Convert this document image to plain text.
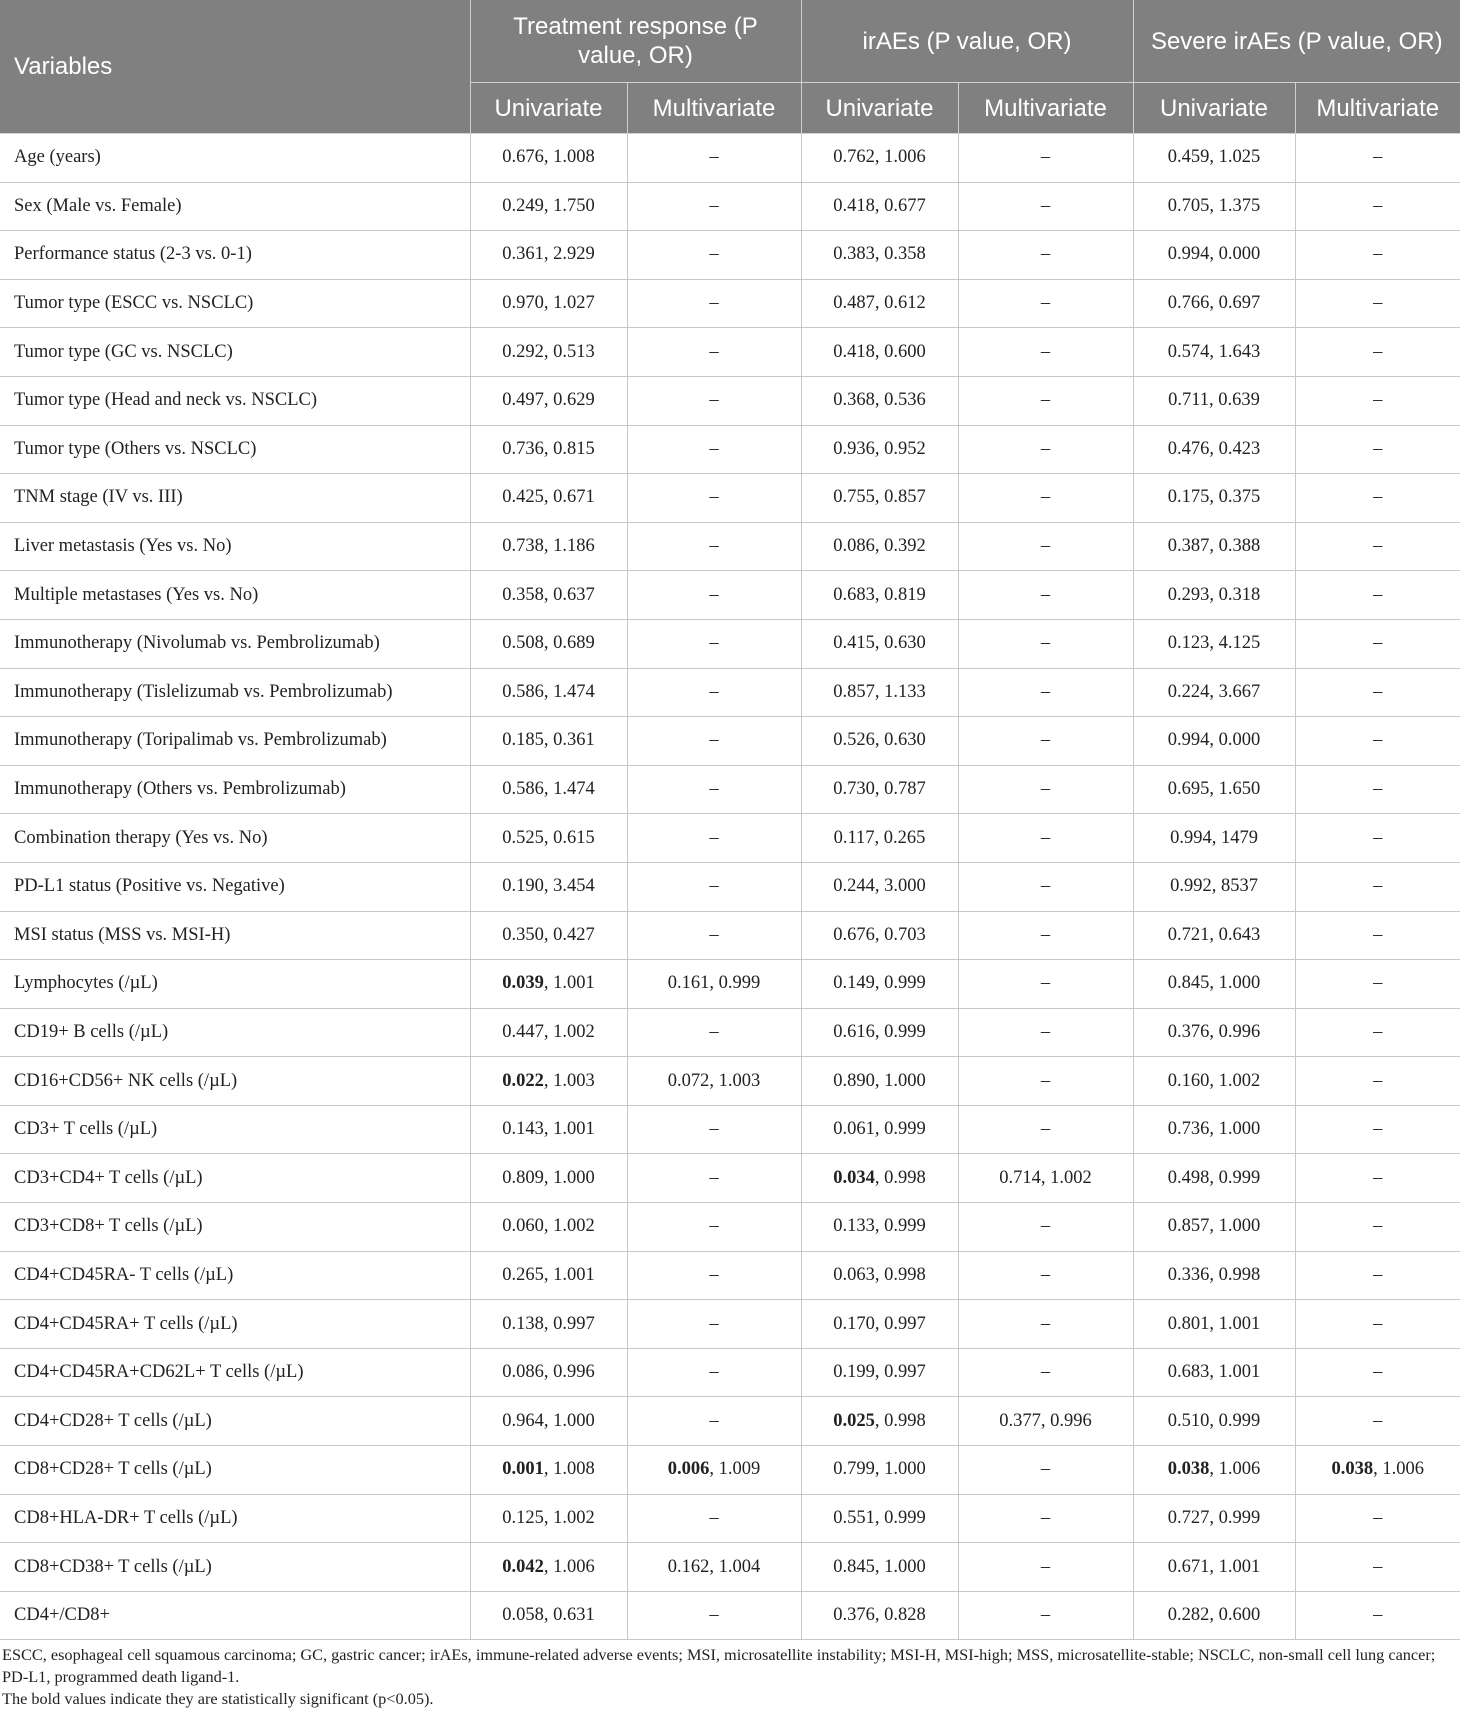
Variables	Treatment response (P value, OR)		irAEs (P value, OR)		Severe irAEs (P value, OR)	
	Univariate	Multivariate	Univariate	Multivariate	Univariate	Multivariate
Age (years)	0.676, 1.008	–	0.762, 1.006	–	0.459, 1.025	–
Sex (Male vs. Female)	0.249, 1.750	–	0.418, 0.677	–	0.705, 1.375	–
Performance status (2-3 vs. 0-1)	0.361, 2.929	–	0.383, 0.358	–	0.994, 0.000	–
Tumor type (ESCC vs. NSCLC)	0.970, 1.027	–	0.487, 0.612	–	0.766, 0.697	–
Tumor type (GC vs. NSCLC)	0.292, 0.513	–	0.418, 0.600	–	0.574, 1.643	–
Tumor type (Head and neck vs. NSCLC)	0.497, 0.629	–	0.368, 0.536	–	0.711, 0.639	–
Tumor type (Others vs. NSCLC)	0.736, 0.815	–	0.936, 0.952	–	0.476, 0.423	–
TNM stage (IV vs. III)	0.425, 0.671	–	0.755, 0.857	–	0.175, 0.375	–
Liver metastasis (Yes vs. No)	0.738, 1.186	–	0.086, 0.392	–	0.387, 0.388	–
Multiple metastases (Yes vs. No)	0.358, 0.637	–	0.683, 0.819	–	0.293, 0.318	–
Immunotherapy (Nivolumab vs. Pembrolizumab)	0.508, 0.689	–	0.415, 0.630	–	0.123, 4.125	–
Immunotherapy (Tislelizumab vs. Pembrolizumab)	0.586, 1.474	–	0.857, 1.133	–	0.224, 3.667	–
Immunotherapy (Toripalimab vs. Pembrolizumab)	0.185, 0.361	–	0.526, 0.630	–	0.994, 0.000	–
Immunotherapy (Others vs. Pembrolizumab)	0.586, 1.474	–	0.730, 0.787	–	0.695, 1.650	–
Combination therapy (Yes vs. No)	0.525, 0.615	–	0.117, 0.265	–	0.994, 1479	–
PD-L1 status (Positive vs. Negative)	0.190, 3.454	–	0.244, 3.000	–	0.992, 8537	–
MSI status (MSS vs. MSI-H)	0.350, 0.427	–	0.676, 0.703	–	0.721, 0.643	–
Lymphocytes (/µL)	0.039, 1.001	0.161, 0.999	0.149, 0.999	–	0.845, 1.000	–
CD19+ B cells (/µL)	0.447, 1.002	–	0.616, 0.999	–	0.376, 0.996	–
CD16+CD56+ NK cells (/µL)	0.022, 1.003	0.072, 1.003	0.890, 1.000	–	0.160, 1.002	–
CD3+ T cells (/µL)	0.143, 1.001	–	0.061, 0.999	–	0.736, 1.000	–
CD3+CD4+ T cells (/µL)	0.809, 1.000	–	0.034, 0.998	0.714, 1.002	0.498, 0.999	–
CD3+CD8+ T cells (/µL)	0.060, 1.002	–	0.133, 0.999	–	0.857, 1.000	–
CD4+CD45RA- T cells (/µL)	0.265, 1.001	–	0.063, 0.998	–	0.336, 0.998	–
CD4+CD45RA+ T cells (/µL)	0.138, 0.997	–	0.170, 0.997	–	0.801, 1.001	–
CD4+CD45RA+CD62L+ T cells (/µL)	0.086, 0.996	–	0.199, 0.997	–	0.683, 1.001	–
CD4+CD28+ T cells (/µL)	0.964, 1.000	–	0.025, 0.998	0.377, 0.996	0.510, 0.999	–
CD8+CD28+ T cells (/µL)	0.001, 1.008	0.006, 1.009	0.799, 1.000	–	0.038, 1.006	0.038, 1.006
CD8+HLA-DR+ T cells (/µL)	0.125, 1.002	–	0.551, 0.999	–	0.727, 0.999	–
CD8+CD38+ T cells (/µL)	0.042, 1.006	0.162, 1.004	0.845, 1.000	–	0.671, 1.001	–
CD4+/CD8+	0.058, 0.631	–	0.376, 0.828	–	0.282, 0.600	–
ESCC, esophageal cell squamous carcinoma; GC, gastric cancer; irAEs, immune-related adverse events; MSI, microsatellite instability; MSI-H, MSI-high; MSS, microsatellite-stable; NSCLC, non-small cell lung cancer; PD-L1, programmed death ligand-1.
The bold values indicate they are statistically significant (p<0.05).
